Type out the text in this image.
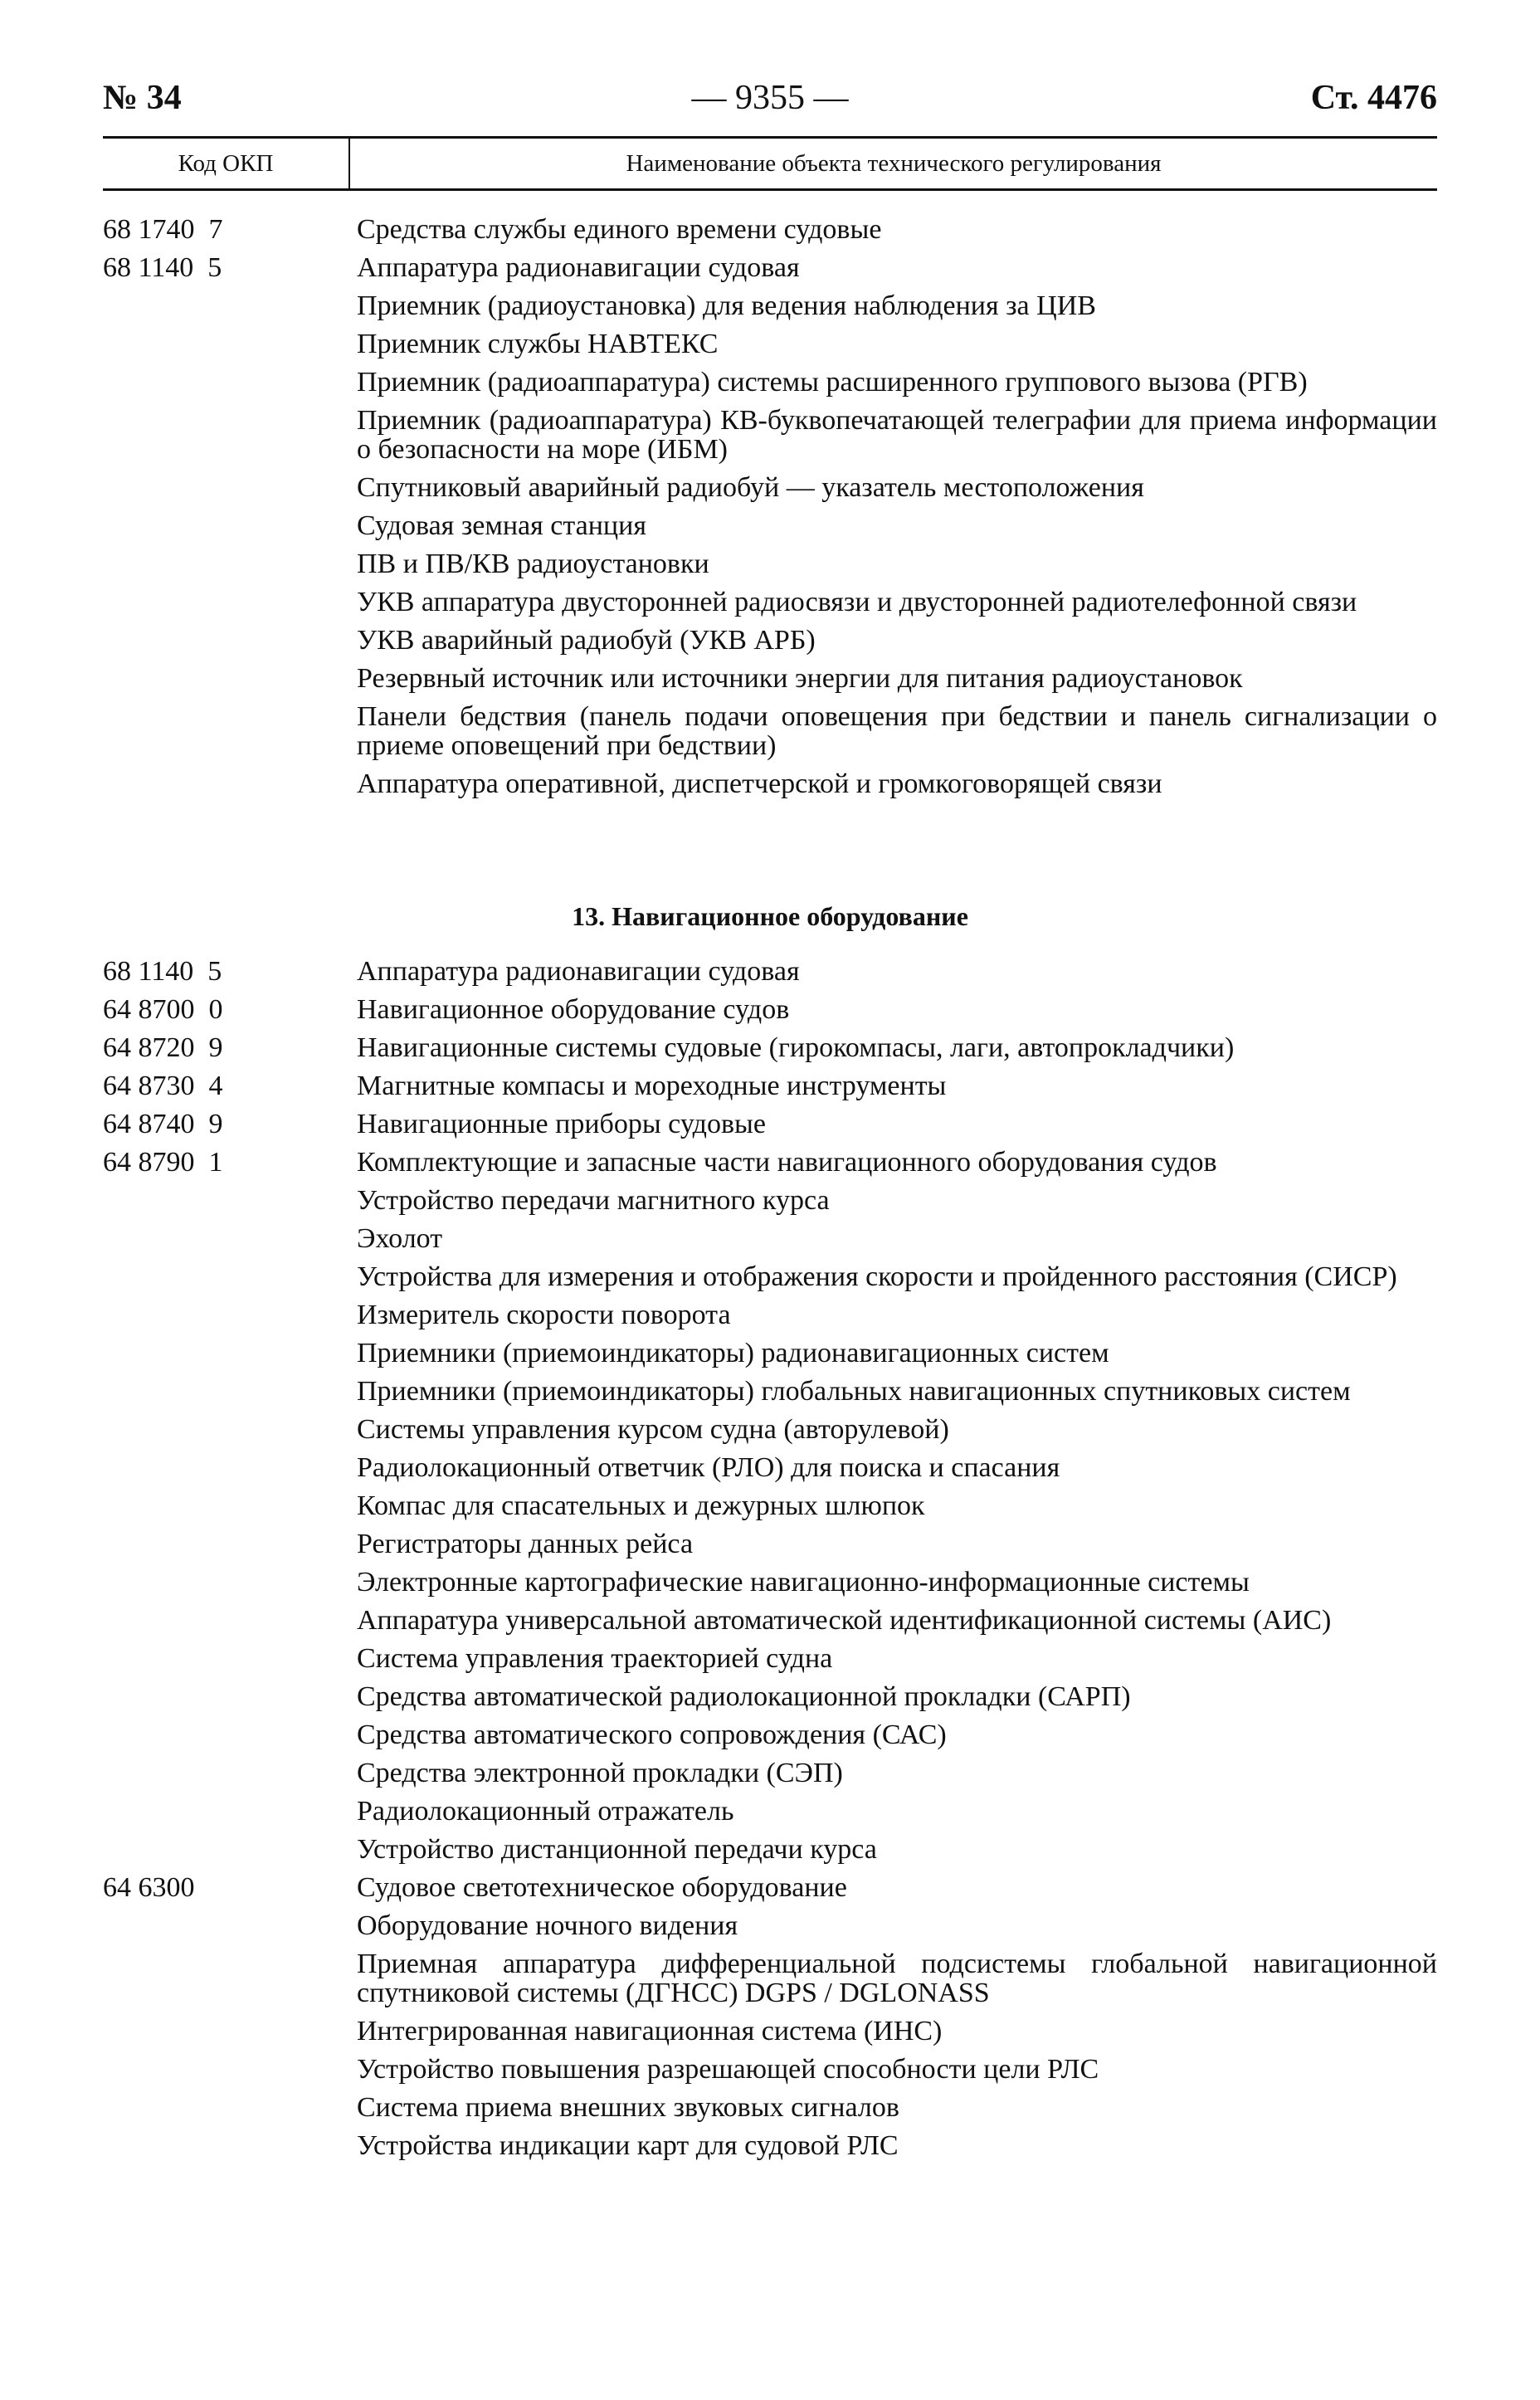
№ 34	— 9355 —	Ст. 4476
Код ОКП	Наименование объекта технического регулирования
68 1740  7	Средства службы единого времени судовые
68 1140  5	Аппаратура радионавигации судовая
Приемник (радиоустановка) для ведения наблюдения за ЦИВ
Приемник службы НАВТЕКС
Приемник (радиоаппаратура) системы расширенного группового вызова (РГВ)
Приемник (радиоаппаратура) КВ-буквопечатающей телеграфии для приема информации о безопасности на море (ИБМ)
Спутниковый аварийный радиобуй — указатель местоположения
Судовая земная станция
ПВ и ПВ/КВ радиоустановки
УКВ аппаратура двусторонней радиосвязи и двусторонней радиотелефонной связи
УКВ аварийный радиобуй (УКВ АРБ)
Резервный источник или источники энергии для питания радиоустановок
Панели бедствия (панель подачи оповещения при бедствии и панель сигнализации о приеме оповещений при бедствии)
Аппаратура оперативной, диспетчерской и громкоговорящей связи
13. Навигационное оборудование
68 1140  5	Аппаратура радионавигации судовая
64 8700  0	Навигационное оборудование судов
64 8720  9	Навигационные системы судовые (гирокомпасы, лаги, автопрокладчики)
64 8730  4	Магнитные компасы и мореходные инструменты
64 8740  9	Навигационные приборы судовые
64 8790  1	Комплектующие и запасные части навигационного оборудования судов
Устройство передачи магнитного курса
Эхолот
Устройства для измерения и отображения скорости и пройденного расстояния (СИСР)
Измеритель скорости поворота
Приемники (приемоиндикаторы) радионавигационных систем
Приемники (приемоиндикаторы) глобальных навигационных спутниковых систем
Системы управления курсом судна (авторулевой)
Радиолокационный ответчик (РЛО) для поиска и спасания
Компас для спасательных и дежурных шлюпок
Регистраторы данных рейса
Электронные картографические навигационно-информационные системы
Аппаратура универсальной автоматической идентификационной системы (АИС)
Система управления траекторией судна
Средства автоматической радиолокационной прокладки (САРП)
Средства автоматического сопровождения (САС)
Средства электронной прокладки (СЭП)
Радиолокационный отражатель
Устройство дистанционной передачи курса
64 6300	Судовое светотехническое оборудование
Оборудование ночного видения
Приемная аппаратура дифференциальной подсистемы глобальной навигационной спутниковой системы (ДГНСС) DGPS / DGLONASS
Интегрированная навигационная система (ИНС)
Устройство повышения разрешающей способности цели РЛС
Система приема внешних звуковых сигналов
Устройства индикации карт для судовой РЛС
